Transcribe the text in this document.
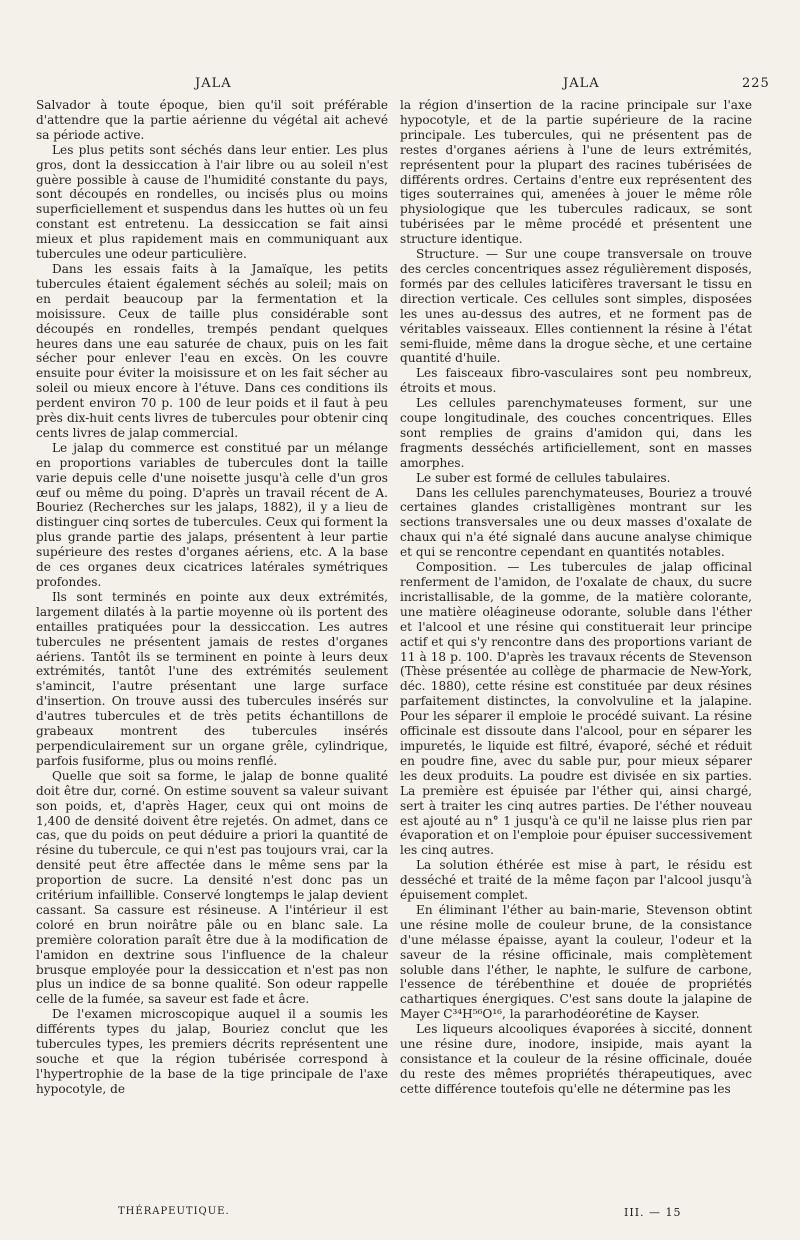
JALA	JALA	225

Salvador à toute époque, bien qu'il soit préférable d'attendre que la partie aérienne du végétal ait achevé sa période active.

Les plus petits sont séchés dans leur entier. Les plus gros, dont la dessiccation à l'air libre ou au soleil n'est guère possible à cause de l'humidité constante du pays, sont découpés en rondelles, ou incisés plus ou moins superficiellement et suspendus dans les huttes où un feu constant est entretenu. La dessiccation se fait ainsi mieux et plus rapidement mais en communiquant aux tubercules une odeur particulière.

Dans les essais faits à la Jamaïque, les petits tubercules étaient également séchés au soleil; mais on en perdait beaucoup par la fermentation et la moisissure. Ceux de taille plus considérable sont découpés en rondelles, trempés pendant quelques heures dans une eau saturée de chaux, puis on les fait sécher pour enlever l'eau en excès. On les couvre ensuite pour éviter la moisissure et on les fait sécher au soleil ou mieux encore à l'étuve. Dans ces conditions ils perdent environ 70 p. 100 de leur poids et il faut à peu près dix-huit cents livres de tubercules pour obtenir cinq cents livres de jalap commercial.

Le jalap du commerce est constitué par un mélange en proportions variables de tubercules dont la taille varie depuis celle d'une noisette jusqu'à celle d'un gros œuf ou même du poing. D'après un travail récent de A. Bouriez (Recherches sur les jalaps, 1882), il y a lieu de distinguer cinq sortes de tubercules. Ceux qui forment la plus grande partie des jalaps, présentent à leur partie supérieure des restes d'organes aériens, etc. A la base de ces organes deux cicatrices latérales symétriques profondes.

Ils sont terminés en pointe aux deux extrémités, largement dilatés à la partie moyenne où ils portent des entailles pratiquées pour la dessiccation. Les autres tubercules ne présentent jamais de restes d'organes aériens. Tantôt ils se terminent en pointe à leurs deux extrémités, tantôt l'une des extrémités seulement s'amincit, l'autre présentant une large surface d'insertion. On trouve aussi des tubercules insérés sur d'autres tubercules et de très petits échantillons de grabeaux montrent des tubercules insérés perpendiculairement sur un organe grêle, cylindrique, parfois fusiforme, plus ou moins renflé.

Quelle que soit sa forme, le jalap de bonne qualité doit être dur, corné. On estime souvent sa valeur suivant son poids, et, d'après Hager, ceux qui ont moins de 1,400 de densité doivent être rejetés. On admet, dans ce cas, que du poids on peut déduire a priori la quantité de résine du tubercule, ce qui n'est pas toujours vrai, car la densité peut être affectée dans le même sens par la proportion de sucre. La densité n'est donc pas un critérium infaillible. Conservé longtemps le jalap devient cassant. Sa cassure est résineuse. A l'intérieur il est coloré en brun noirâtre pâle ou en blanc sale. La première coloration paraît être due à la modification de l'amidon en dextrine sous l'influence de la chaleur brusque employée pour la dessiccation et n'est pas non plus un indice de sa bonne qualité. Son odeur rappelle celle de la fumée, sa saveur est fade et âcre.

De l'examen microscopique auquel il a soumis les différents types du jalap, Bouriez conclut que les tubercules types, les premiers décrits représentent une souche et que la région tubérisée correspond à l'hypertrophie de la base de la tige principale de l'axe hypocotyle, de

la région d'insertion de la racine principale sur l'axe hypocotyle, et de la partie supérieure de la racine principale. Les tubercules, qui ne présentent pas de restes d'organes aériens à l'une de leurs extrémités, représentent pour la plupart des racines tubérisées de différents ordres. Certains d'entre eux représentent des tiges souterraines qui, amenées à jouer le même rôle physiologique que les tubercules radicaux, se sont tubérisées par le même procédé et présentent une structure identique.

Structure. — Sur une coupe transversale on trouve des cercles concentriques assez régulièrement disposés, formés par des cellules laticifères traversant le tissu en direction verticale. Ces cellules sont simples, disposées les unes au-dessus des autres, et ne forment pas de véritables vaisseaux. Elles contiennent la résine à l'état semi-fluide, même dans la drogue sèche, et une certaine quantité d'huile.

Les faisceaux fibro-vasculaires sont peu nombreux, étroits et mous.

Les cellules parenchymateuses forment, sur une coupe longitudinale, des couches concentriques. Elles sont remplies de grains d'amidon qui, dans les fragments desséchés artificiellement, sont en masses amorphes.

Le suber est formé de cellules tabulaires.

Dans les cellules parenchymateuses, Bouriez a trouvé certaines glandes cristalligènes montrant sur les sections transversales une ou deux masses d'oxalate de chaux qui n'a été signalé dans aucune analyse chimique et qui se rencontre cependant en quantités notables.

Composition. — Les tubercules de jalap officinal renferment de l'amidon, de l'oxalate de chaux, du sucre incristallisable, de la gomme, de la matière colorante, une matière oléagineuse odorante, soluble dans l'éther et l'alcool et une résine qui constituerait leur principe actif et qui s'y rencontre dans des proportions variant de 11 à 18 p. 100. D'après les travaux récents de Stevenson (Thèse présentée au collège de pharmacie de New-York, déc. 1880), cette résine est constituée par deux résines parfaitement distinctes, la convolvuline et la jalapine. Pour les séparer il emploie le procédé suivant. La résine officinale est dissoute dans l'alcool, pour en séparer les impuretés, le liquide est filtré, évaporé, séché et réduit en poudre fine, avec du sable pur, pour mieux séparer les deux produits. La poudre est divisée en six parties. La première est épuisée par l'éther qui, ainsi chargé, sert à traiter les cinq autres parties. De l'éther nouveau est ajouté au n° 1 jusqu'à ce qu'il ne laisse plus rien par évaporation et on l'emploie pour épuiser successivement les cinq autres.

La solution éthérée est mise à part, le résidu est desséché et traité de la même façon par l'alcool jusqu'à épuisement complet.

En éliminant l'éther au bain-marie, Stevenson obtint une résine molle de couleur brune, de la consistance d'une mélasse épaisse, ayant la couleur, l'odeur et la saveur de la résine officinale, mais complètement soluble dans l'éther, le naphte, le sulfure de carbone, l'essence de térébenthine et douée de propriétés cathartiques énergiques. C'est sans doute la jalapine de Mayer C³⁴H⁵⁶O¹⁶, la pararhodéorétine de Kayser.

Les liqueurs alcooliques évaporées à siccité, donnent une résine dure, inodore, insipide, mais ayant la consistance et la couleur de la résine officinale, douée du reste des mêmes propriétés thérapeutiques, avec cette différence toutefois qu'elle ne détermine pas les

THÉRAPEUTIQUE.	III. — 15
